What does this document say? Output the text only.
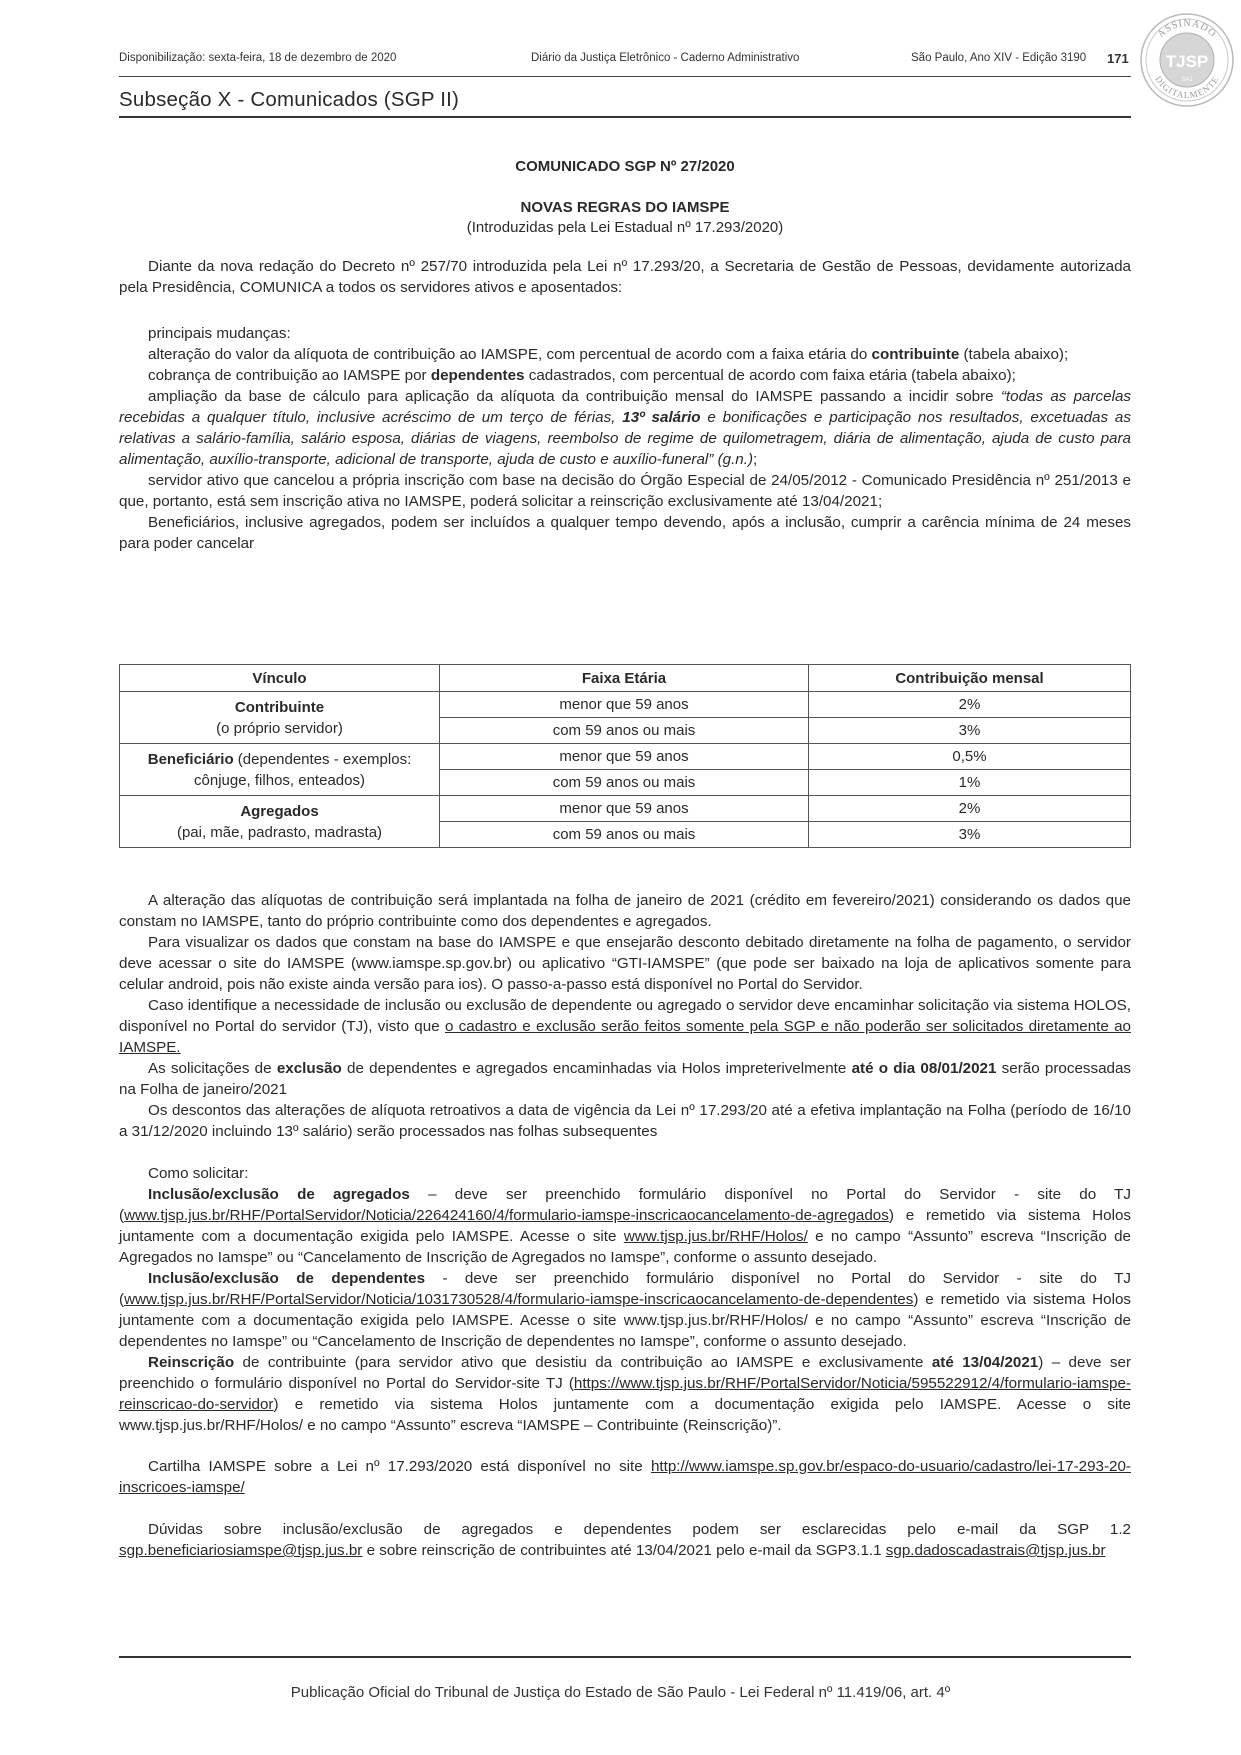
Disponibilização: sexta-feira, 18 de dezembro de 2020	Diário da Justiça Eletrônico - Caderno Administrativo	São Paulo, Ano XIV - Edição 3190 171
ASSINADO
DIGITALMENTE
TJSP
SAJ
Subseção X - Comunicados (SGP II)
COMUNICADO SGP Nº 27/2020
NOVAS REGRAS DO IAMSPE
(Introduzidas pela Lei Estadual nº 17.293/2020)

Diante da nova redação do Decreto nº 257/70 introduzida pela Lei nº 17.293/20, a Secretaria de Gestão de Pessoas, devidamente autorizada pela Presidência, COMUNICA a todos os servidores ativos e aposentados:

principais mudanças:

alteração do valor da alíquota de contribuição ao IAMSPE, com percentual de acordo com a faixa etária do contribuinte (tabela abaixo);

cobrança de contribuição ao IAMSPE por dependentes cadastrados, com percentual de acordo com faixa etária (tabela abaixo);

ampliação da base de cálculo para aplicação da alíquota da contribuição mensal do IAMSPE passando a incidir sobre “todas as parcelas recebidas a qualquer título, inclusive acréscimo de um terço de férias, 13º salário e bonificações e participação nos resultados, excetuadas as relativas a salário-família, salário esposa, diárias de viagens, reembolso de regime de quilometragem, diária de alimentação, ajuda de custo para alimentação, auxílio-transporte, adicional de transporte, ajuda de custo e auxílio-funeral” (g.n.);

servidor ativo que cancelou a própria inscrição com base na decisão do Órgão Especial de 24/05/2012 - Comunicado Presidência nº 251/2013 e que, portanto, está sem inscrição ativa no IAMSPE, poderá solicitar a reinscrição exclusivamente até 13/04/2021;

Beneficiários, inclusive agregados, podem ser incluídos a qualquer tempo devendo, após a inclusão, cumprir a carência mínima de 24 meses para poder cancelar

Vínculo	Faixa Etária	Contribuição mensal
Contribuinte
(o próprio servidor)	menor que 59 anos	2%
	com 59 anos ou mais	3%
Beneficiário (dependentes - exemplos:
cônjuge, filhos, enteados)	menor que 59 anos	0,5%
	com 59 anos ou mais	1%
Agregados
(pai, mãe, padrasto, madrasta)	menor que 59 anos	2%
	com 59 anos ou mais	3%

A alteração das alíquotas de contribuição será implantada na folha de janeiro de 2021 (crédito em fevereiro/2021) considerando os dados que constam no IAMSPE, tanto do próprio contribuinte como dos dependentes e agregados.

Para visualizar os dados que constam na base do IAMSPE e que ensejarão desconto debitado diretamente na folha de pagamento, o servidor deve acessar o site do IAMSPE (www.iamspe.sp.gov.br) ou aplicativo “GTI-IAMSPE” (que pode ser baixado na loja de aplicativos somente para celular android, pois não existe ainda versão para ios). O passo-a-passo está disponível no Portal do Servidor.

Caso identifique a necessidade de inclusão ou exclusão de dependente ou agregado o servidor deve encaminhar solicitação via sistema HOLOS, disponível no Portal do servidor (TJ), visto que o cadastro e exclusão serão feitos somente pela SGP e não poderão ser solicitados diretamente ao IAMSPE.

As solicitações de exclusão de dependentes e agregados encaminhadas via Holos impreterivelmente até o dia 08/01/2021 serão processadas na Folha de janeiro/2021

Os descontos das alterações de alíquota retroativos a data de vigência da Lei nº 17.293/20 até a efetiva implantação na Folha (período de 16/10 a 31/12/2020 incluindo 13º salário) serão processados nas folhas subsequentes

Como solicitar:

Inclusão/exclusão de agregados – deve ser preenchido formulário disponível no Portal do Servidor - site do TJ (www.tjsp.jus.br/RHF/PortalServidor/Noticia/226424160/4/formulario-iamspe-inscricaocancelamento-de-agregados) e remetido via sistema Holos juntamente com a documentação exigida pelo IAMSPE. Acesse o site www.tjsp.jus.br/RHF/Holos/ e no campo “Assunto” escreva “Inscrição de Agregados no Iamspe” ou “Cancelamento de Inscrição de Agregados no Iamspe”, conforme o assunto desejado.

Inclusão/exclusão de dependentes - deve ser preenchido formulário disponível no Portal do Servidor - site do TJ (www.tjsp.jus.br/RHF/PortalServidor/Noticia/1031730528/4/formulario-iamspe-inscricaocancelamento-de-dependentes) e remetido via sistema Holos juntamente com a documentação exigida pelo IAMSPE. Acesse o site www.tjsp.jus.br/RHF/Holos/ e no campo “Assunto” escreva “Inscrição de dependentes no Iamspe” ou “Cancelamento de Inscrição de dependentes no Iamspe”, conforme o assunto desejado.

Reinscrição de contribuinte (para servidor ativo que desistiu da contribuição ao IAMSPE e exclusivamente até 13/04/2021) – deve ser preenchido o formulário disponível no Portal do Servidor-site TJ (https://www.tjsp.jus.br/RHF/PortalServidor/Noticia/595522912/4/formulario-iamspe-reinscricao-do-servidor) e remetido via sistema Holos juntamente com a documentação exigida pelo IAMSPE. Acesse o site www.tjsp.jus.br/RHF/Holos/ e no campo “Assunto” escreva “IAMSPE – Contribuinte (Reinscrição)”.

Cartilha IAMSPE sobre a Lei nº 17.293/2020 está disponível no site http://www.iamspe.sp.gov.br/espaco-do-usuario/cadastro/lei-17-293-20-inscricoes-iamspe/

Dúvidas sobre inclusão/exclusão de agregados e dependentes podem ser esclarecidas pelo e-mail da SGP 1.2 sgp.beneficiariosiamspe@tjsp.jus.br e sobre reinscrição de contribuintes até 13/04/2021 pelo e-mail da SGP3.1.1 sgp.dadoscadastrais@tjsp.jus.br

Publicação Oficial do Tribunal de Justiça do Estado de São Paulo - Lei Federal nº 11.419/06, art. 4º
